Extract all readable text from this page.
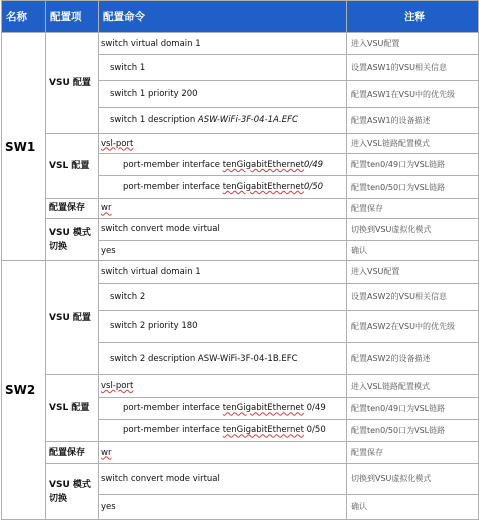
名称	配置项	配置命令	注释
SW1	VSU 配置	switch virtual domain 1	进入VSU配置
		switch 1	设置ASW1的VSU相关信息
		switch 1 priority 200	配置ASW1在VSU中的优先级
		switch 1 description ASW-WiFi-3F-04-1A.EFC	配置ASW1的设备描述
	VSL 配置	vsl-port	进入VSL链路配置模式
		port-member interface tenGigabitEthernet0/49	配置ten0/49口为VSL链路
		port-member interface tenGigabitEthernet0/50	配置ten0/50口为VSL链路
	配置保存	wr	配置保存
	VSU 模式切换	switch convert mode virtual	切换到VSU虚拟化模式
		yes	确认
SW2	VSU 配置	switch virtual domain 1	进入VSU配置
		switch 2	设置ASW2的VSU相关信息
		switch 2 priority 180	配置ASW2在VSU中的优先级
		switch 2 description ASW-WiFi-3F-04-1B.EFC	配置ASW2的设备描述
	VSL 配置	vsl-port	进入VSL链路配置模式
		port-member interface tenGigabitEthernet 0/49	配置ten0/49口为VSL链路
		port-member interface tenGigabitEthernet 0/50	配置ten0/50口为VSL链路
	配置保存	wr	配置保存
	VSU 模式切换	switch convert mode virtual	切换到VSU虚拟化模式
		yes	确认
